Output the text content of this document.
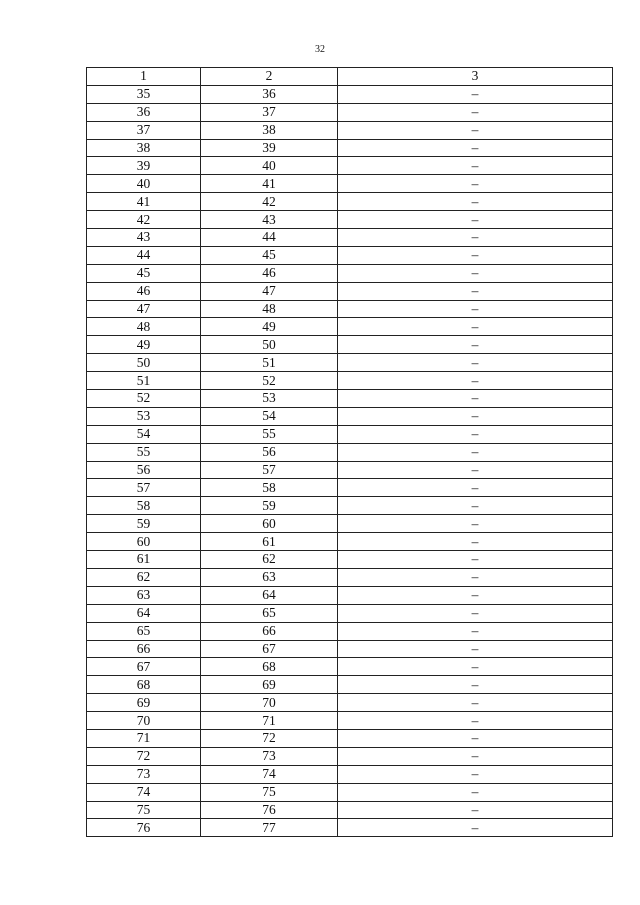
32
1	2	3
35	36	–
36	37	–
37	38	–
38	39	–
39	40	–
40	41	–
41	42	–
42	43	–
43	44	–
44	45	–
45	46	–
46	47	–
47	48	–
48	49	–
49	50	–
50	51	–
51	52	–
52	53	–
53	54	–
54	55	–
55	56	–
56	57	–
57	58	–
58	59	–
59	60	–
60	61	–
61	62	–
62	63	–
63	64	–
64	65	–
65	66	–
66	67	–
67	68	–
68	69	–
69	70	–
70	71	–
71	72	–
72	73	–
73	74	–
74	75	–
75	76	–
76	77	–
